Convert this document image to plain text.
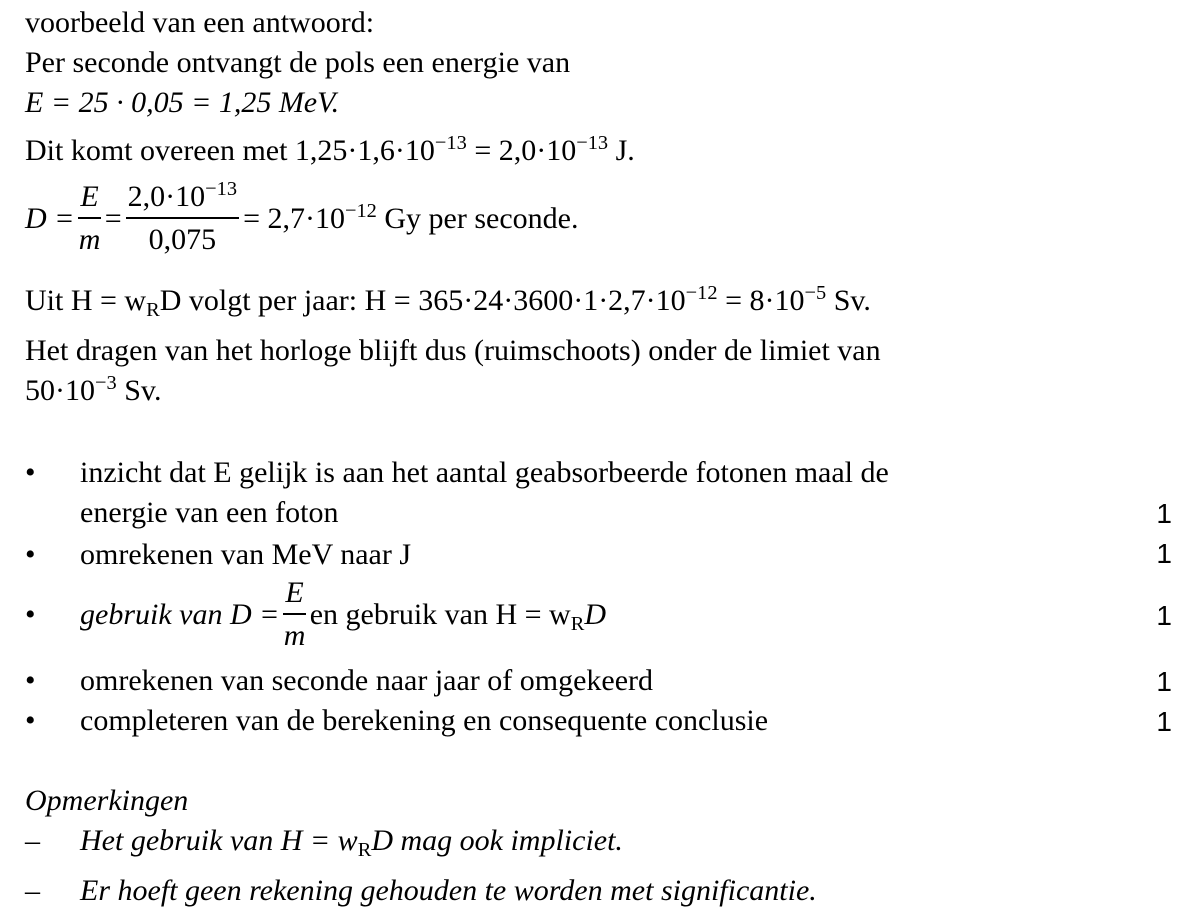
voorbeeld van een antwoord:
Per seconde ontvangt de pols een energie van
E = 25 · 0,05 = 1,25 MeV.
Dit komt overeen met $1,25\cdot 1,6\cdot 10^{-13} = 2,0\cdot 10^{-13}$ J.
$D = \frac{E}{m} = \frac{2,0\cdot 10^{-13}}{0,075} = 2,7\cdot 10^{-12}$ Gy per seconde.
Uit $H = w_RD$ volgt per jaar: $H = 365\cdot 24\cdot 3600\cdot 1\cdot 2,7\cdot 10^{-12} = 8\cdot 10^{-5}$ Sv.
Het dragen van het horloge blijft dus (ruimschoots) onder de limiet van
$50\cdot 10^{-3}$ Sv.
• inzicht dat E gelijk is aan het aantal geabsorbeerde fotonen maal de
energie van een foton	1
• omrekenen van MeV naar J	1
• gebruik van $D = \frac{E}{m}$ en gebruik van $H = w_RD$	1
• omrekenen van seconde naar jaar of omgekeerd	1
• completeren van de berekening en consequente conclusie	1
Opmerkingen
– Het gebruik van $H = w_RD$ mag ook impliciet.
– Er hoeft geen rekening gehouden te worden met significantie.
